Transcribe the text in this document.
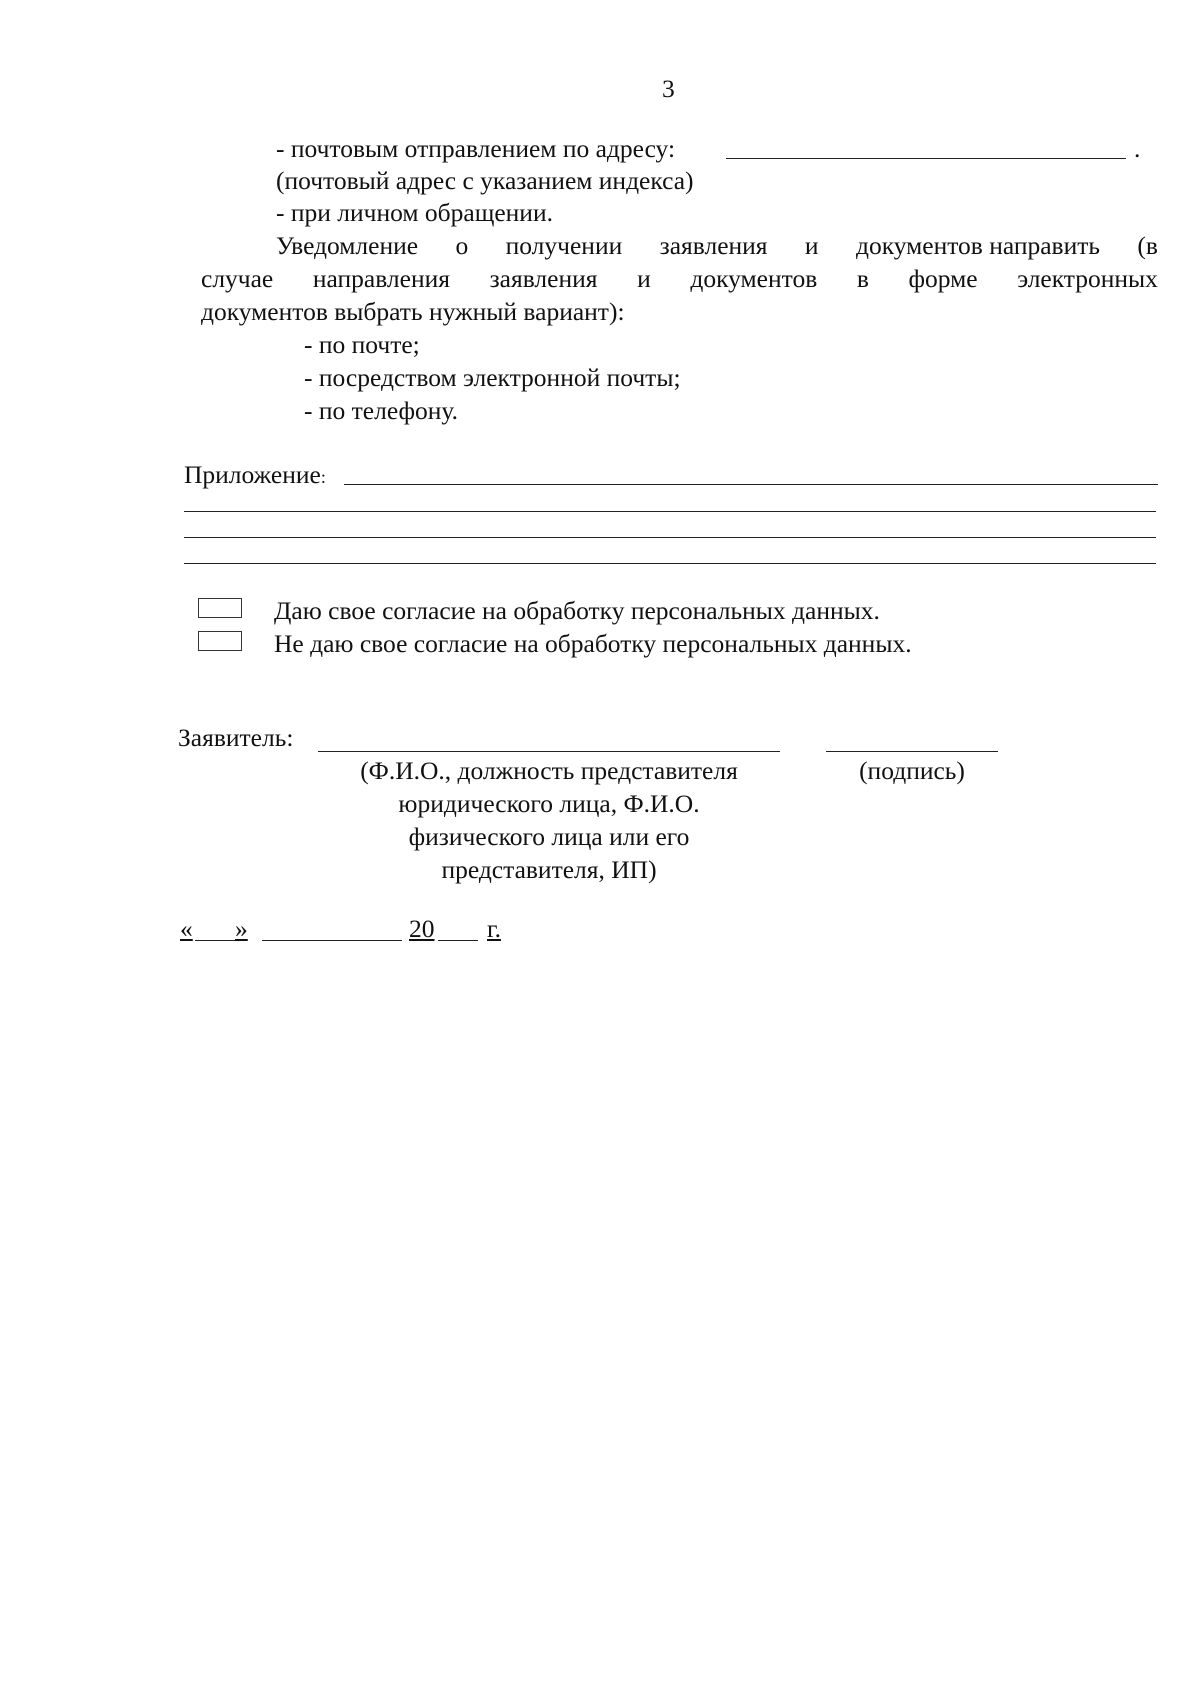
3
- почтовым отправлением по адресу:	.
(почтовый адрес с указанием индекса)
- при личном обращении.
Уведомление о получении заявления и документов направить (в
случае направления заявления и документов в форме электронных
документов выбрать нужный вариант):
- по почте;
- посредством электронной почты;
- по телефону.
Приложение:
Даю свое согласие на обработку персональных данных.
Не даю свое согласие на обработку персональных данных.
Заявитель:
(Ф.И.О., должность представителя
юридического лица, Ф.И.О.
физического лица или его
представителя, ИП)
(подпись)
« »	20 г.
